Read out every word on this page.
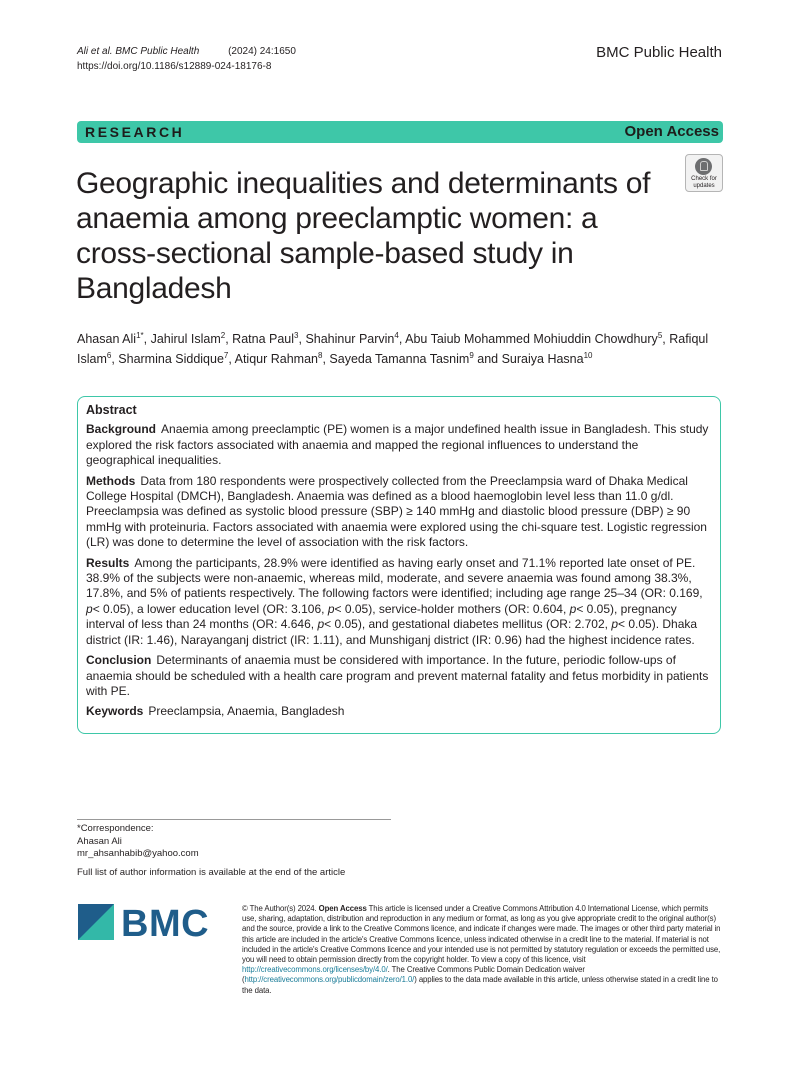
Ali et al. BMC Public Health	(2024) 24:1650
https://doi.org/10.1186/s12889-024-18176-8
BMC Public Health
RESEARCH	Open Access
Geographic inequalities and determinants of anaemia among preeclamptic women: a cross-sectional sample-based study in Bangladesh
Check for
updates
Ahasan Ali$^{1*}$, Jahirul Islam$^2$, Ratna Paul$^3$, Shahinur Parvin$^4$, Abu Taiub Mohammed Mohiuddin Chowdhury$^5$, Rafiqul Islam$^6$, Sharmina Siddique$^7$, Atiqur Rahman$^8$, Sayeda Tamanna Tasnim$^9$ and Suraiya Hasna$^{10}$
Abstract

Background Anaemia among preeclamptic (PE) women is a major undefined health issue in Bangladesh. This study explored the risk factors associated with anaemia and mapped the regional influences to understand the geographical inequalities.

Methods Data from 180 respondents were prospectively collected from the Preeclampsia ward of Dhaka Medical College Hospital (DMCH), Bangladesh. Anaemia was defined as a blood haemoglobin level less than 11.0 g/dl. Preeclampsia was defined as systolic blood pressure (SBP) ≥ 140 mmHg and diastolic blood pressure (DBP) ≥ 90 mmHg with proteinuria. Factors associated with anaemia were explored using the chi-square test. Logistic regression (LR) was done to determine the level of association with the risk factors.

Results Among the participants, 28.9% were identified as having early onset and 71.1% reported late onset of PE. 38.9% of the subjects were non-anaemic, whereas mild, moderate, and severe anaemia was found among 38.3%, 17.8%, and 5% of patients respectively. The following factors were identified; including age range 25–34 (OR: 0.169, p< 0.05), a lower education level (OR: 3.106, p< 0.05), service-holder mothers (OR: 0.604, p< 0.05), pregnancy interval of less than 24 months (OR: 4.646, p< 0.05), and gestational diabetes mellitus (OR: 2.702, p< 0.05). Dhaka district (IR: 1.46), Narayanganj district (IR: 1.11), and Munshiganj district (IR: 0.96) had the highest incidence rates.

Conclusion Determinants of anaemia must be considered with importance. In the future, periodic follow-ups of anaemia should be scheduled with a health care program and prevent maternal fatality and fetus morbidity in patients with PE.

Keywords Preeclampsia, Anaemia, Bangladesh

*Correspondence:
Ahasan Ali
mr_ahsanhabib@yahoo.com
Full list of author information is available at the end of the article
BMC	© The Author(s) 2024. Open Access This article is licensed under a Creative Commons Attribution 4.0 International License, which permits use, sharing, adaptation, distribution and reproduction in any medium or format, as long as you give appropriate credit to the original author(s) and the source, provide a link to the Creative Commons licence, and indicate if changes were made. The images or other third party material in this article are included in the article's Creative Commons licence, unless indicated otherwise in a credit line to the material. If material is not included in the article's Creative Commons licence and your intended use is not permitted by statutory regulation or exceeds the permitted use, you will need to obtain permission directly from the copyright holder. To view a copy of this licence, visit http://creativecommons.org/licenses/by/4.0/. The Creative Commons Public Domain Dedication waiver (http://creativecommons.org/publicdomain/zero/1.0/) applies to the data made available in this article, unless otherwise stated in a credit line to the data.
